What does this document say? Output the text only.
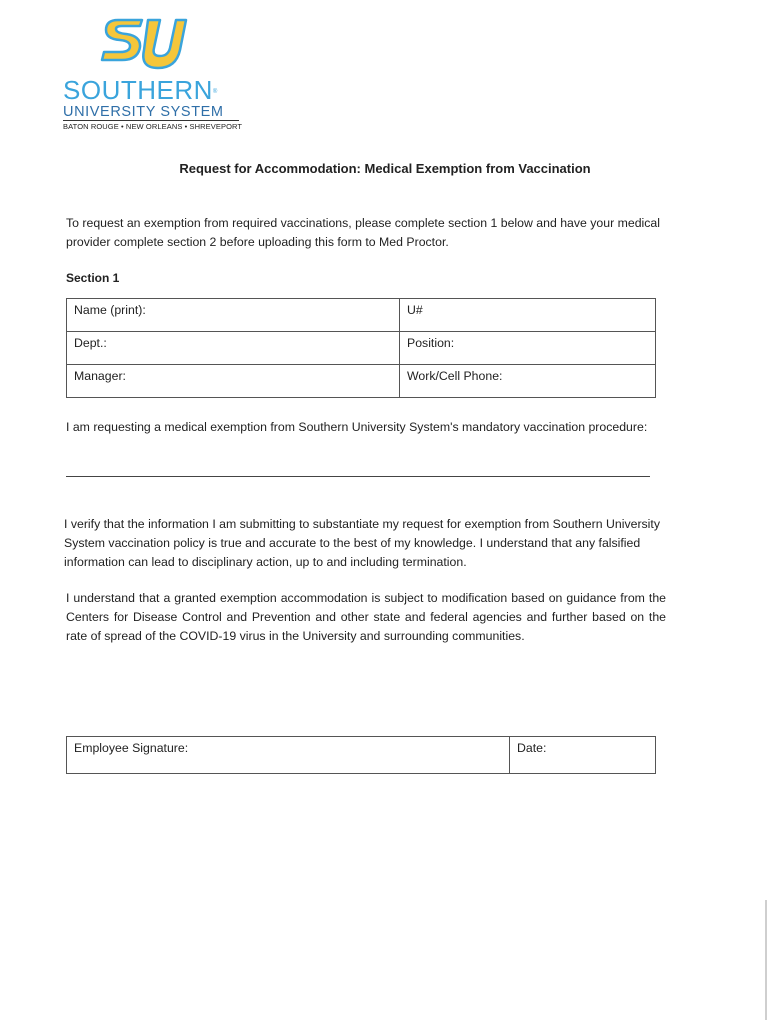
SOUTHERN®
UNIVERSITY SYSTEM
BATON ROUGE • NEW ORLEANS • SHREVEPORT
Request for Accommodation: Medical Exemption from Vaccination
To request an exemption from required vaccinations, please complete section 1 below and have your medical provider complete section 2 before uploading this form to Med Proctor.
Section 1
Name (print):	U#
Dept.:	Position:
Manager:	Work/Cell Phone:
I am requesting a medical exemption from Southern University System's mandatory vaccination procedure:
I verify that the information I am submitting to substantiate my request for exemption from Southern University System vaccination policy is true and accurate to the best of my knowledge. I understand that any falsified information can lead to disciplinary action, up to and including termination.
I understand that a granted exemption accommodation is subject to modification based on guidance from the Centers for Disease Control and Prevention and other state and federal agencies and further based on the rate of spread of the COVID-19 virus in the University and surrounding communities.
Employee Signature:	Date:
